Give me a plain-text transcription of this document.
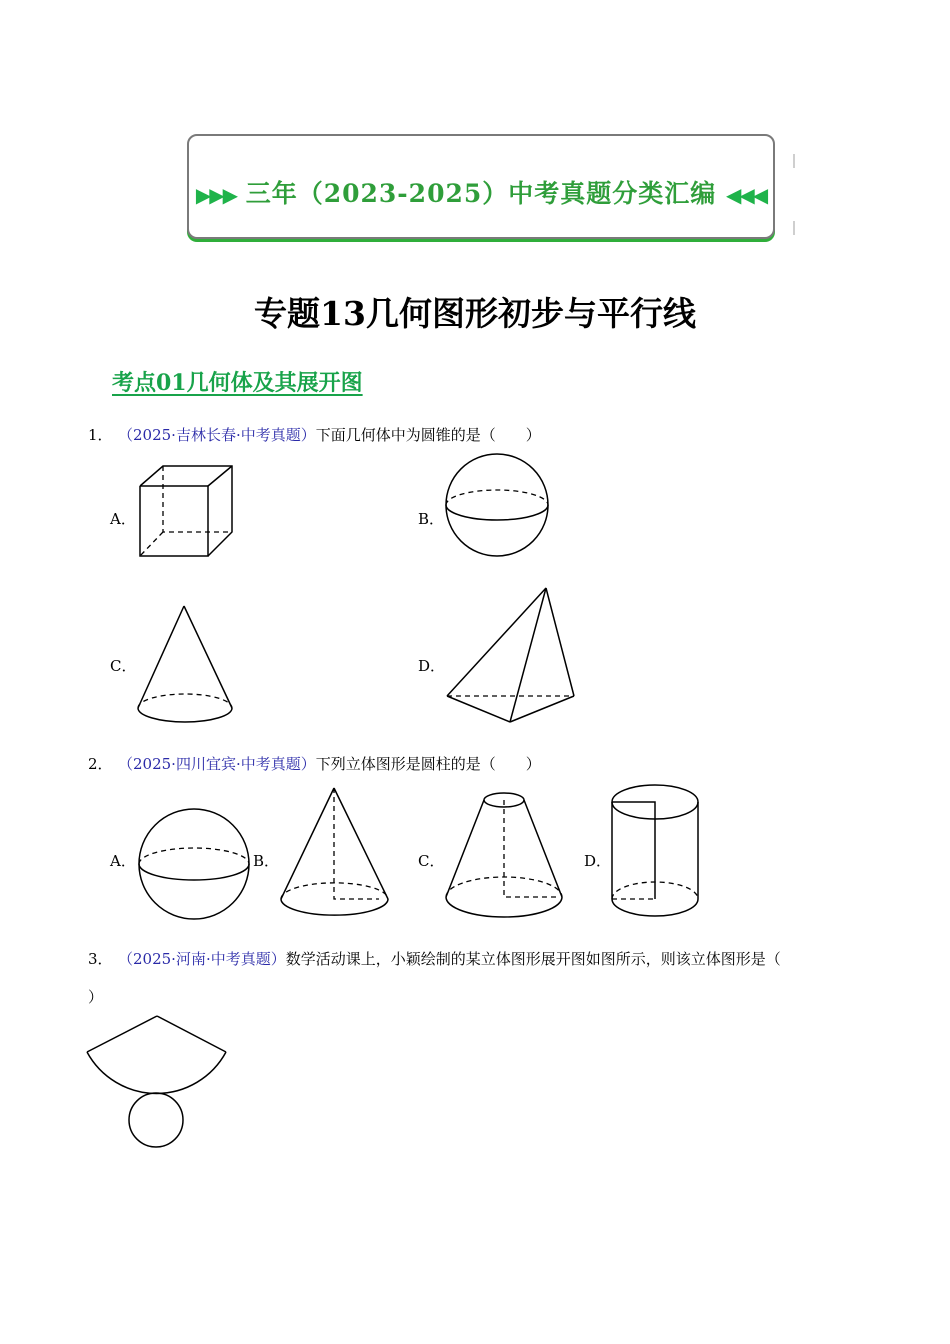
▶▶▶ 三年（2023-2025）中考真题分类汇编 ◀◀◀
专题13几何图形初步与平行线
考点01几何体及其展开图
1． （2025·吉林长春·中考真题）下面几何体中为圆锥的是（　　）
A．	B．
C．	D．
2． （2025·四川宜宾·中考真题）下列立体图形是圆柱的是（　　）
A．	B．	C．	D．
3． （2025·河南·中考真题）数学活动课上，小颖绘制的某立体图形展开图如图所示，则该立体图形是（
）
